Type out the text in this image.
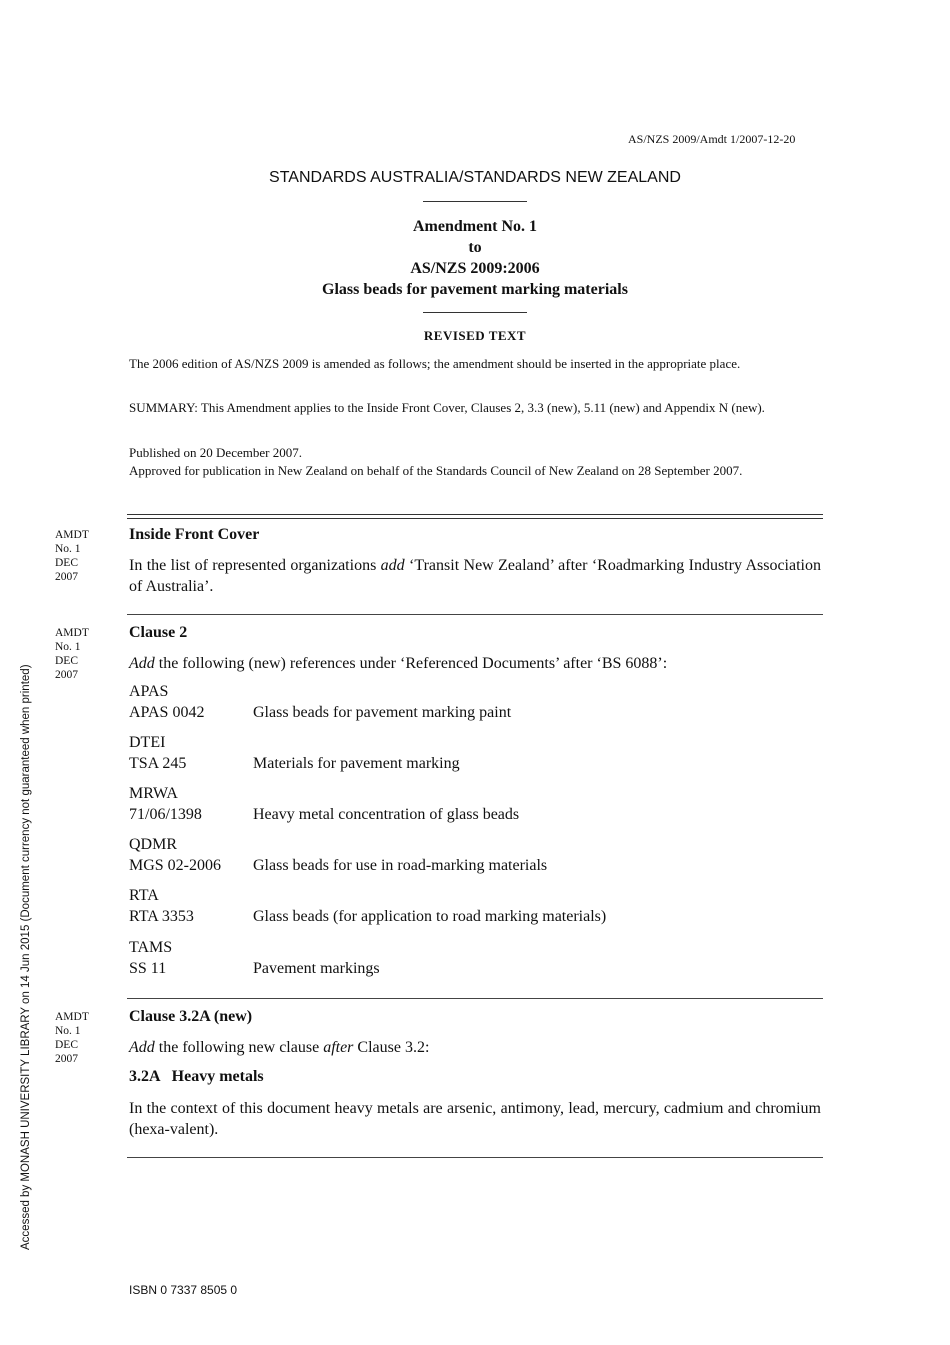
AS/NZS 2009/Amdt 1/2007-12-20
STANDARDS AUSTRALIA/STANDARDS NEW ZEALAND
Amendment No. 1
to
AS/NZS 2009:2006
Glass beads for pavement marking materials
REVISED TEXT
The 2006 edition of AS/NZS 2009 is amended as follows; the amendment should be inserted in the appropriate place.
SUMMARY: This Amendment applies to the Inside Front Cover, Clauses 2, 3.3 (new), 5.11 (new) and Appendix N (new).
Published on 20 December 2007.
Approved for publication in New Zealand on behalf of the Standards Council of New Zealand on 28 September 2007.
AMDT
No. 1
DEC
2007
Inside Front Cover
In the list of represented organizations add ‘Transit New Zealand’ after ‘Roadmarking Industry Association of Australia’.
AMDT
No. 1
DEC
2007
Clause 2
Add the following (new) references under ‘Referenced Documents’ after ‘BS 6088’:
APAS
APAS 0042	Glass beads for pavement marking paint
DTEI
TSA 245	Materials for pavement marking
MRWA
71/06/1398	Heavy metal concentration of glass beads
QDMR
MGS 02-2006	Glass beads for use in road-marking materials
RTA
RTA 3353	Glass beads (for application to road marking materials)
TAMS
SS 11	Pavement markings
AMDT
No. 1
DEC
2007
Clause 3.2A (new)
Add the following new clause after Clause 3.2:
3.2A   Heavy metals
In the context of this document heavy metals are arsenic, antimony, lead, mercury, cadmium and chromium (hexa-valent).
Accessed by MONASH UNIVERSITY LIBRARY on 14 Jun 2015 (Document currency not guaranteed when printed)
ISBN 0 7337 8505 0
